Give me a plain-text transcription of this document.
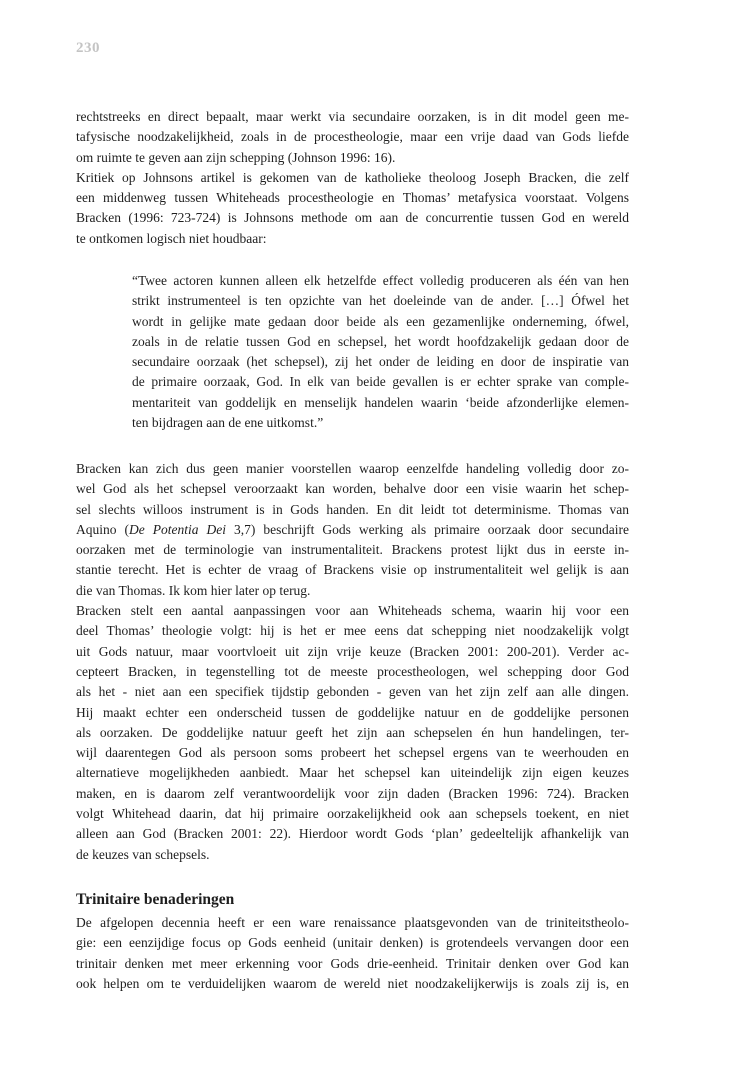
230
rechtstreeks en direct bepaalt, maar werkt via secundaire oorzaken, is in dit model geen me-
tafysische noodzakelijkheid, zoals in de procestheologie, maar een vrije daad van Gods liefde
om ruimte te geven aan zijn schepping (Johnson 1996: 16).
Kritiek op Johnsons artikel is gekomen van de katholieke theoloog Joseph Bracken, die zelf
een middenweg tussen Whiteheads procestheologie en Thomas’ metafysica voorstaat. Volgens
Bracken (1996: 723-724) is Johnsons methode om aan de concurrentie tussen God en wereld
te ontkomen logisch niet houdbaar:
“Twee actoren kunnen alleen elk hetzelfde effect volledig produceren als één van hen
strikt instrumenteel is ten opzichte van het doeleinde van de ander. […] Ófwel het
wordt in gelijke mate gedaan door beide als een gezamenlijke onderneming, ófwel,
zoals in de relatie tussen God en schepsel, het wordt hoofdzakelijk gedaan door de
secundaire oorzaak (het schepsel), zij het onder de leiding en door de inspiratie van
de primaire oorzaak, God. In elk van beide gevallen is er echter sprake van comple-
mentariteit van goddelijk en menselijk handelen waarin ‘beide afzonderlijke elemen-
ten bijdragen aan de ene uitkomst.”
Bracken kan zich dus geen manier voorstellen waarop eenzelfde handeling volledig door zo-
wel God als het schepsel veroorzaakt kan worden, behalve door een visie waarin het schep-
sel slechts willoos instrument is in Gods handen. En dit leidt tot determinisme. Thomas van
Aquino (De Potentia Dei 3,7) beschrijft Gods werking als primaire oorzaak door secundaire
oorzaken met de terminologie van instrumentaliteit. Brackens protest lijkt dus in eerste in-
stantie terecht. Het is echter de vraag of Brackens visie op instrumentaliteit wel gelijk is aan
die van Thomas. Ik kom hier later op terug.
Bracken stelt een aantal aanpassingen voor aan Whiteheads schema, waarin hij voor een
deel Thomas’ theologie volgt: hij is het er mee eens dat schepping niet noodzakelijk volgt
uit Gods natuur, maar voortvloeit uit zijn vrije keuze (Bracken 2001: 200-201). Verder ac-
cepteert Bracken, in tegenstelling tot de meeste procestheologen, wel schepping door God
als het - niet aan een specifiek tijdstip gebonden - geven van het zijn zelf aan alle dingen.
Hij maakt echter een onderscheid tussen de goddelijke natuur en de goddelijke personen
als oorzaken. De goddelijke natuur geeft het zijn aan schepselen én hun handelingen, ter-
wijl daarentegen God als persoon soms probeert het schepsel ergens van te weerhouden en
alternatieve mogelijkheden aanbiedt. Maar het schepsel kan uiteindelijk zijn eigen keuzes
maken, en is daarom zelf verantwoordelijk voor zijn daden (Bracken 1996: 724). Bracken
volgt Whitehead daarin, dat hij primaire oorzakelijkheid ook aan schepsels toekent, en niet
alleen aan God (Bracken 2001: 22). Hierdoor wordt Gods ‘plan’ gedeeltelijk afhankelijk van
de keuzes van schepsels.
Trinitaire benaderingen
De afgelopen decennia heeft er een ware renaissance plaatsgevonden van de triniteitstheolo-
gie: een eenzijdige focus op Gods eenheid (unitair denken) is grotendeels vervangen door een
trinitair denken met meer erkenning voor Gods drie-eenheid. Trinitair denken over God kan
ook helpen om te verduidelijken waarom de wereld niet noodzakelijkerwijs is zoals zij is, en
